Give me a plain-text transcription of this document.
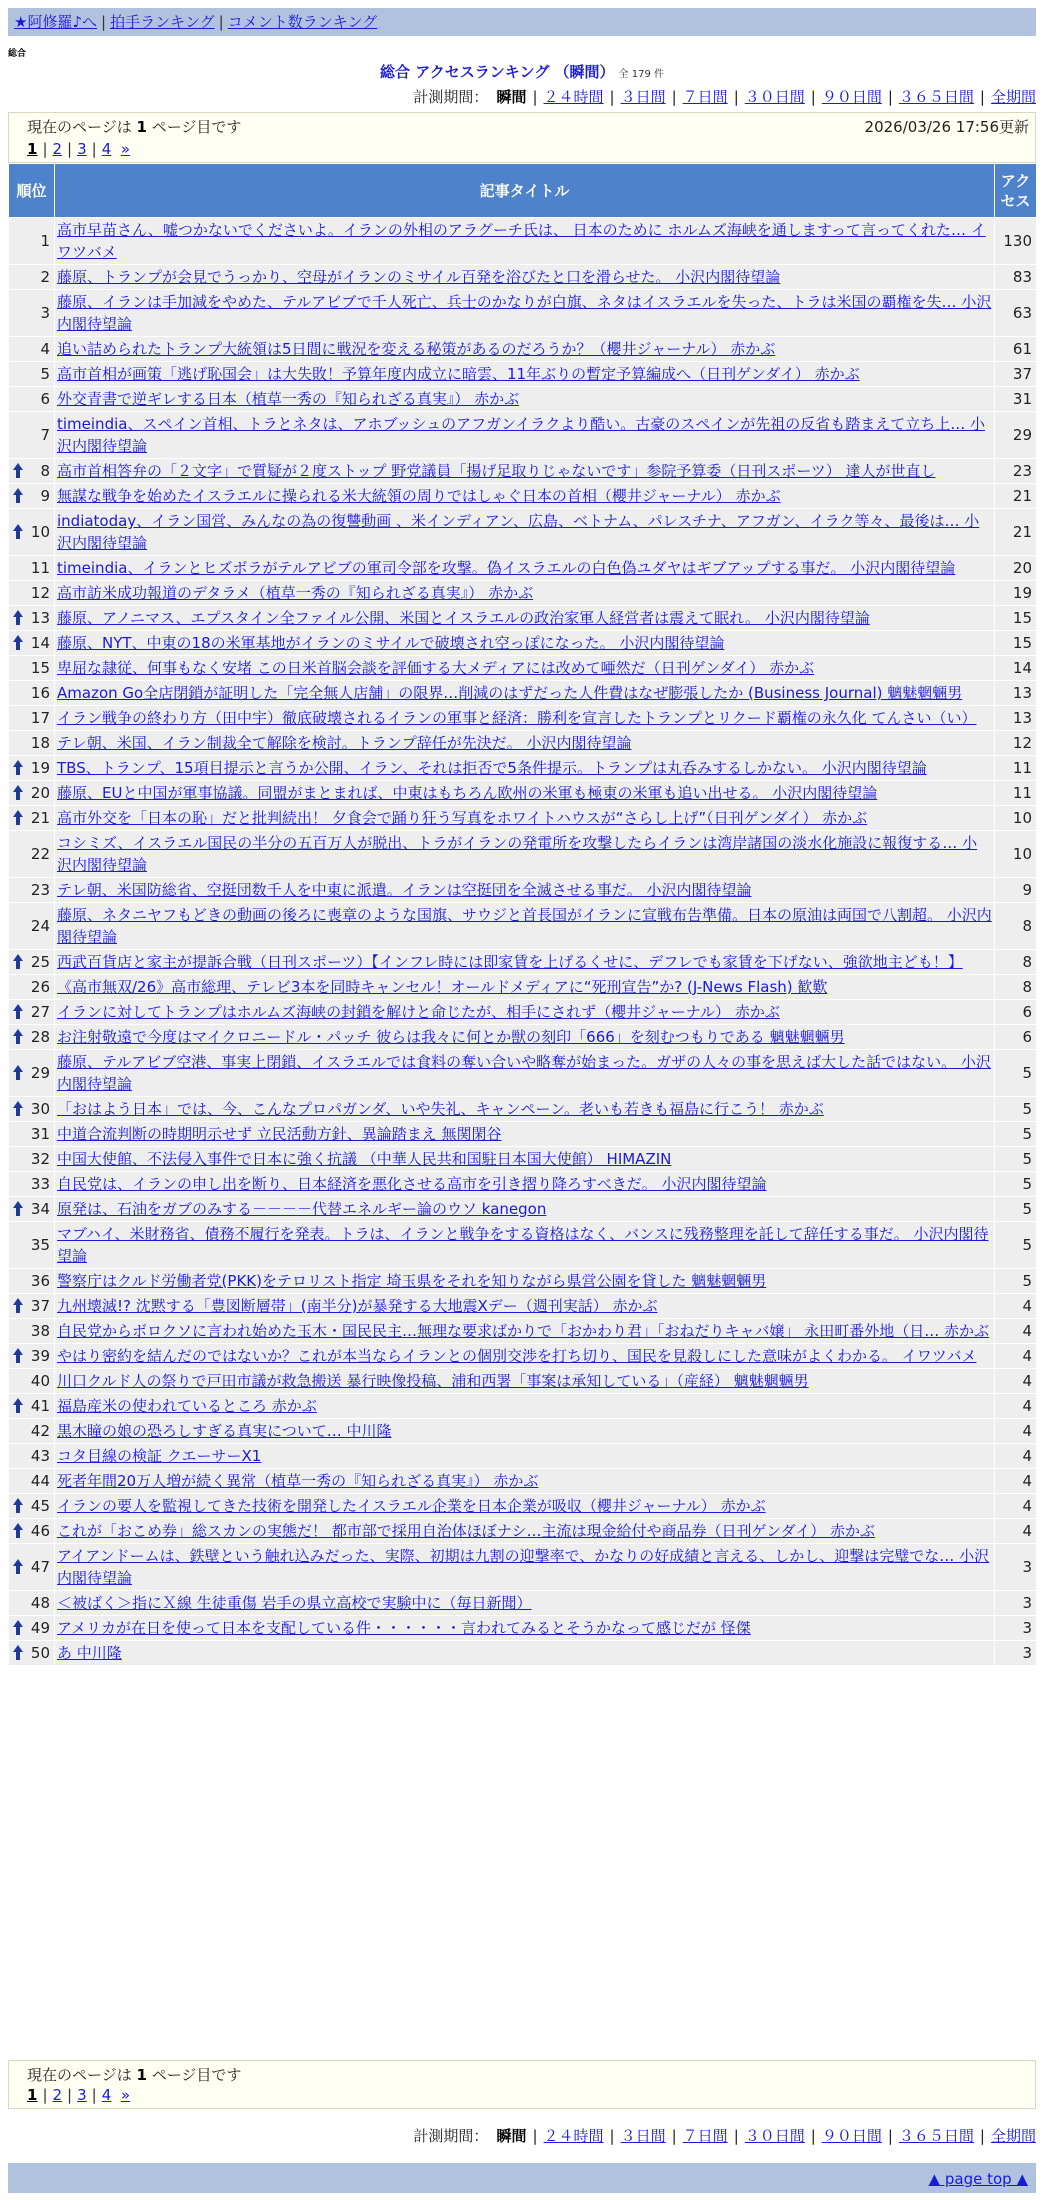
★阿修羅♪へ | 拍手ランキング | コメント数ランキング
総合
総合 アクセスランキング （瞬間） 全 179 件
計測期間： 瞬間 | ２４時間 | ３日間 | ７日間 | ３０日間 | ９０日間 | ３６５日間 | 全期間
現在のページは 1 ページ目です	2026/03/26 17:56更新
1 | 2 | 3 | 4 »
順位	記事タイトル	アクセス
1	高市早苗さん、嘘つかないでくださいよ。イランの外相のアラグーチ氏は、 日本のために ホルムズ海峡を通しますって言ってくれた… イワツバメ	130
2	藤原、トランプが会見でうっかり、空母がイランのミサイル百発を浴びたと口を滑らせた。 小沢内閣待望論	83
3	藤原、イランは手加減をやめた、テルアビブで千人死亡、兵士のかなりが白旗、ネタはイスラエルを失った、トラは米国の覇権を失… 小沢内閣待望論	63
4	追い詰められたトランプ大統領は5日間に戦況を変える秘策があるのだろうか？（櫻井ジャーナル） 赤かぶ	61
5	高市首相が画策「逃げ恥国会」は大失敗！予算年度内成立に暗雲、11年ぶりの暫定予算編成へ（日刊ゲンダイ） 赤かぶ	37
6	外交青書で逆ギレする日本（植草一秀の『知られざる真実』） 赤かぶ	31
7	timeindia、スペイン首相、トラとネタは、アホブッシュのアフガンイラクより酷い。古豪のスペインが先祖の反省も踏まえて立ち上… 小沢内閣待望論	29

8	高市首相答弁の「２文字」で質疑が２度ストップ 野党議員「揚げ足取りじゃないです」参院予算委（日刊スポーツ） 達人が世直し	23

9	無謀な戦争を始めたイスラエルに操られる米大統領の周りではしゃぐ日本の首相（櫻井ジャーナル） 赤かぶ	21

10	indiatoday、イラン国営、みんなの為の復讐動画 、米インディアン、広島、ベトナム、パレスチナ、アフガン、イラク等々、最後は… 小沢内閣待望論	21
11	timeindia、イランとヒズボラがテルアビブの軍司令部を攻撃。偽イスラエルの白色偽ユダヤはギブアップする事だ。 小沢内閣待望論	20
12	高市訪米成功報道のデタラメ（植草一秀の『知られざる真実』） 赤かぶ	19

13	藤原、アノニマス、エプスタイン全ファイル公開、米国とイスラエルの政治家軍人経営者は震えて眠れ。 小沢内閣待望論	15

14	藤原、NYT、中東の18の米軍基地がイランのミサイルで破壊され空っぽになった。 小沢内閣待望論	15
15	卑屈な隷従、何事もなく安堵 この日米首脳会談を評価する大メディアには改めて唖然だ（日刊ゲンダイ） 赤かぶ	14
16	Amazon Go全店閉鎖が証明した「完全無人店舗」の限界…削減のはずだった人件費はなぜ膨張したか (Business Journal) 魑魅魍魎男	13
17	イラン戦争の終わり方（田中宇）徹底破壊されるイランの軍事と経済：勝利を宣言したトランプとリクード覇権の永久化 てんさい（い）	13
18	テレ朝、米国、イラン制裁全て解除を検討。トランプ辞任が先決だ。 小沢内閣待望論	12

19	TBS、トランプ、15項目提示と言うか公開、イラン、それは拒否で5条件提示。トランプは丸呑みするしかない。 小沢内閣待望論	11

20	藤原、EUと中国が軍事協議。同盟がまとまれば、中東はもちろん欧州の米軍も極東の米軍も追い出せる。 小沢内閣待望論	11

21	高市外交を「日本の恥」だと批判続出！ 夕食会で踊り狂う写真をホワイトハウスが“さらし上げ”（日刊ゲンダイ） 赤かぶ	10
22	コシミズ、イスラエル国民の半分の五百万人が脱出、トラがイランの発電所を攻撃したらイランは湾岸諸国の淡水化施設に報復する… 小沢内閣待望論	10
23	テレ朝、米国防総省、空挺団数千人を中東に派遣。イランは空挺団を全滅させる事だ。 小沢内閣待望論	9
24	藤原、ネタニヤフもどきの動画の後ろに喪章のような国旗、サウジと首長国がイランに宣戦布告準備。日本の原油は両国で八割超。 小沢内閣待望論	8

25	西武百貨店と家主が提訴合戦（日刊スポーツ）【インフレ時には即家賃を上げるくせに、デフレでも家賃を下げない、強欲地主ども！】	8
26	《高市無双/26》高市総理、テレビ3本を同時キャンセル！オールドメディアに“死刑宣告”か? (J-News Flash) 歓歎	8

27	イランに対してトランプはホルムズ海峡の封鎖を解けと命じたが、相手にされず（櫻井ジャーナル） 赤かぶ	6

28	お注射敬遠で今度はマイクロニードル・パッチ 彼らは我々に何とか獣の刻印「666」を刻むつもりである 魑魅魍魎男	6

29	藤原、テルアビブ空港、事実上閉鎖、イスラエルでは食料の奪い合いや略奪が始まった。ガザの人々の事を思えば大した話ではない。 小沢内閣待望論	5

30	「おはよう日本」では、今、こんなプロパガンダ、いや失礼、キャンペーン。老いも若きも福島に行こう！ 赤かぶ	5
31	中道合流判断の時期明示せず 立民活動方針、異論踏まえ 無関閑谷	5
32	中国大使館、不法侵入事件で日本に強く抗議 （中華人民共和国駐日本国大使館） HIMAZIN	5
33	自民党は、イランの申し出を断り、日本経済を悪化させる高市を引き摺り降ろすべきだ。 小沢内閣待望論	5

34	原発は、石油をガブのみする－－－－代替エネルギー論のウソ kanegon	5
35	マブハイ、米財務省、債務不履行を発表。トラは、イランと戦争をする資格はなく、バンスに残務整理を託して辞任する事だ。 小沢内閣待望論	5
36	警察庁はクルド労働者党(PKK)をテロリスト指定 埼玉県をそれを知りながら県営公園を貸した 魑魅魍魎男	5

37	九州壊滅!? 沈黙する「豊図断層帯」(南半分)が暴発する大地震Xデー（週刊実話） 赤かぶ	4
38	自民党からボロクソに言われ始めた玉木・国民民主…無理な要求ばかりで「おかわり君」「おねだりキャバ嬢」 永田町番外地（日… 赤かぶ	4

39	やはり密約を結んだのではないか？これが本当ならイランとの個別交渉を打ち切り、国民を見殺しにした意味がよくわかる。 イワツバメ	4
40	川口クルド人の祭りで戸田市議が救急搬送 暴行映像投稿、浦和西署「事案は承知している」（産経） 魑魅魍魎男	4

41	福島産米の使われているところ 赤かぶ	4
42	黒木瞳の娘の恐ろしすぎる真実について… 中川隆	4
43	コタ目線の検証 クエーサーX1	4
44	死者年間20万人増が続く異常（植草一秀の『知られざる真実』） 赤かぶ	4

45	イランの要人を監視してきた技術を開発したイスラエル企業を日本企業が吸収（櫻井ジャーナル） 赤かぶ	4

46	これが「おこめ券」総スカンの実態だ！ 都市部で採用自治体ほぼナシ…主流は現金給付や商品券（日刊ゲンダイ） 赤かぶ	4

47	アイアンドームは、鉄壁という触れ込みだった、実際、初期は九割の迎撃率で、かなりの好成績と言える、しかし、迎撃は完璧でな… 小沢内閣待望論	3
48	＜被ばく＞指にＸ線 生徒重傷 岩手の県立高校で実験中に（毎日新聞）	3

49	アメリカが在日を使って日本を支配している件・・・・・・言われてみるとそうかなって感じだが 怪傑	3

50	あ 中川隆	3
現在のページは 1 ページ目です
1 | 2 | 3 | 4 »
計測期間： 瞬間 | ２４時間 | ３日間 | ７日間 | ３０日間 | ９０日間 | ３６５日間 | 全期間
▲ page top ▲
